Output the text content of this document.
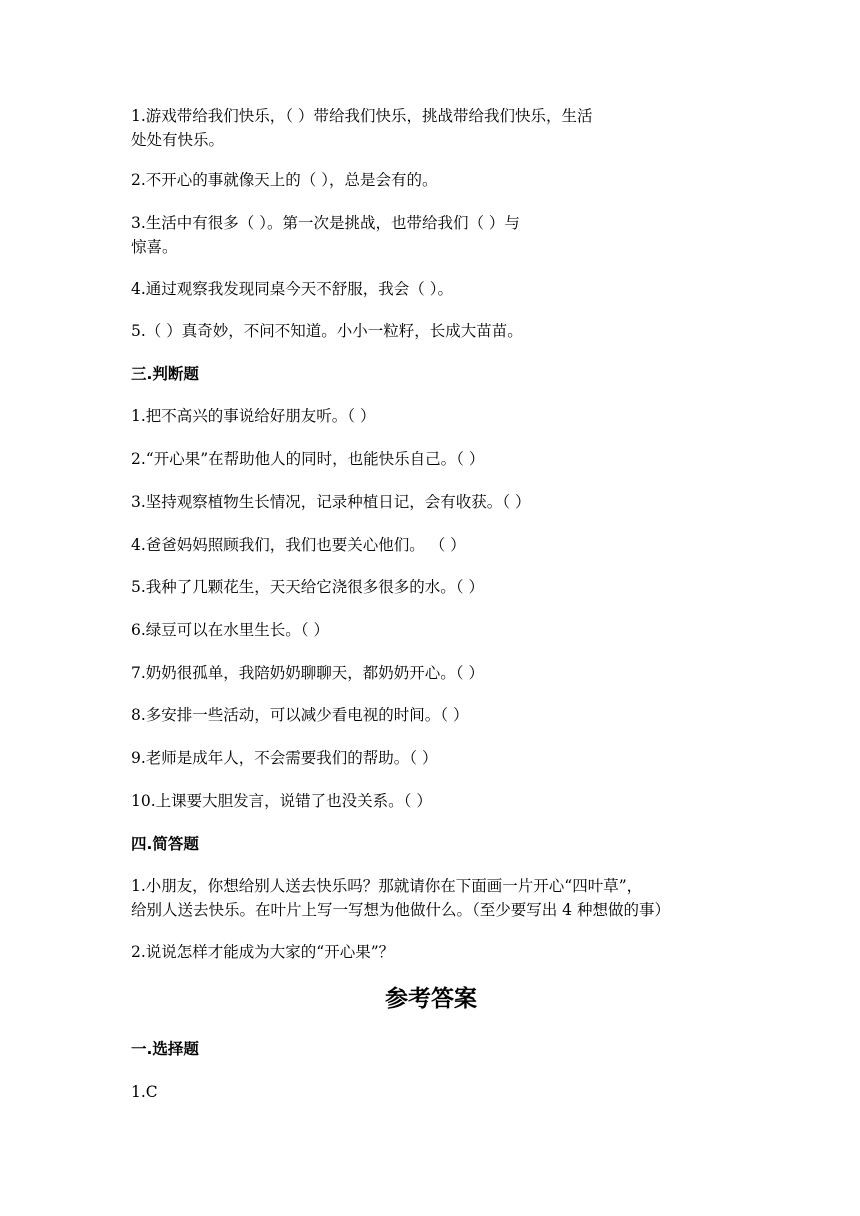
1.游戏带给我们快乐，（ ）带给我们快乐，挑战带给我们快乐，生活
处处有快乐。
2.不开心的事就像天上的（ ），总是会有的。
3.生活中有很多（ ）。第一次是挑战，也带给我们（ ）与
惊喜。
4.通过观察我发现同桌今天不舒服，我会（ ）。
5.（ ）真奇妙，不问不知道。小小一粒籽，长成大苗苗。
三.判断题
1.把不高兴的事说给好朋友听。（ ）
2.“开心果”在帮助他人的同时，也能快乐自己。（ ）
3.坚持观察植物生长情况，记录种植日记，会有收获。（ ）
4.爸爸妈妈照顾我们，我们也要关心他们。 （ ）
5.我种了几颗花生，天天给它浇很多很多的水。（ ）
6.绿豆可以在水里生长。（ ）
7.奶奶很孤单，我陪奶奶聊聊天，都奶奶开心。（ ）
8.多安排一些活动，可以减少看电视的时间。（ ）
9.老师是成年人，不会需要我们的帮助。（ ）
10.上课要大胆发言，说错了也没关系。（ ）
四.简答题
1.小朋友，你想给别人送去快乐吗？那就请你在下面画一片开心“四叶草”，
给别人送去快乐。在叶片上写一写想为他做什么。（至少要写出 4 种想做的事）
2.说说怎样才能成为大家的“开心果”？
参考答案
一.选择题
1.C
